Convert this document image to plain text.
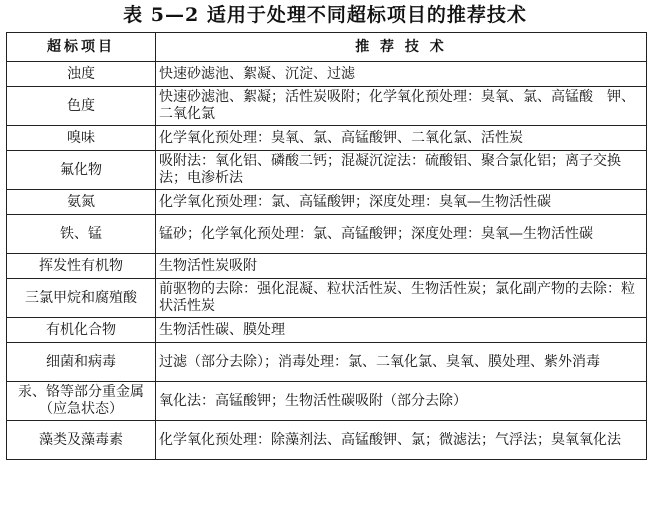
表 5—2 适用于处理不同超标项目的推荐技术
超标项目	推 荐 技 术
浊度	快速砂滤池、絮凝、沉淀、过滤
色度	快速砂滤池、絮凝；活性炭吸附；化学氧化预处理：臭氧、氯、高锰酸　钾、二氧化氯
嗅味	化学氧化预处理：臭氧、氯、高锰酸钾、二氧化氯、活性炭
氟化物	吸附法：氧化铝、磷酸二钙；混凝沉淀法：硫酸铝、聚合氯化铝；离子交换法；电渗析法
氨氮	化学氧化预处理：氯、高锰酸钾；深度处理：臭氧—生物活性碳
铁、锰	锰砂；化学氧化预处理：氯、高锰酸钾；深度处理：臭氧—生物活性碳
挥发性有机物	生物活性炭吸附
三氯甲烷和腐殖酸	前驱物的去除：强化混凝、粒状活性炭、生物活性炭；氯化副产物的去除：粒状活性炭
有机化合物	生物活性碳、膜处理
细菌和病毒	过滤（部分去除）；消毒处理：氯、二氧化氯、臭氧、膜处理、紫外消毒
汞、铬等部分重金属（应急状态）	氧化法：高锰酸钾；生物活性碳吸附（部分去除）
藻类及藻毒素	化学氧化预处理：除藻剂法、高锰酸钾、氯；微滤法；气浮法；臭氧氧化法
